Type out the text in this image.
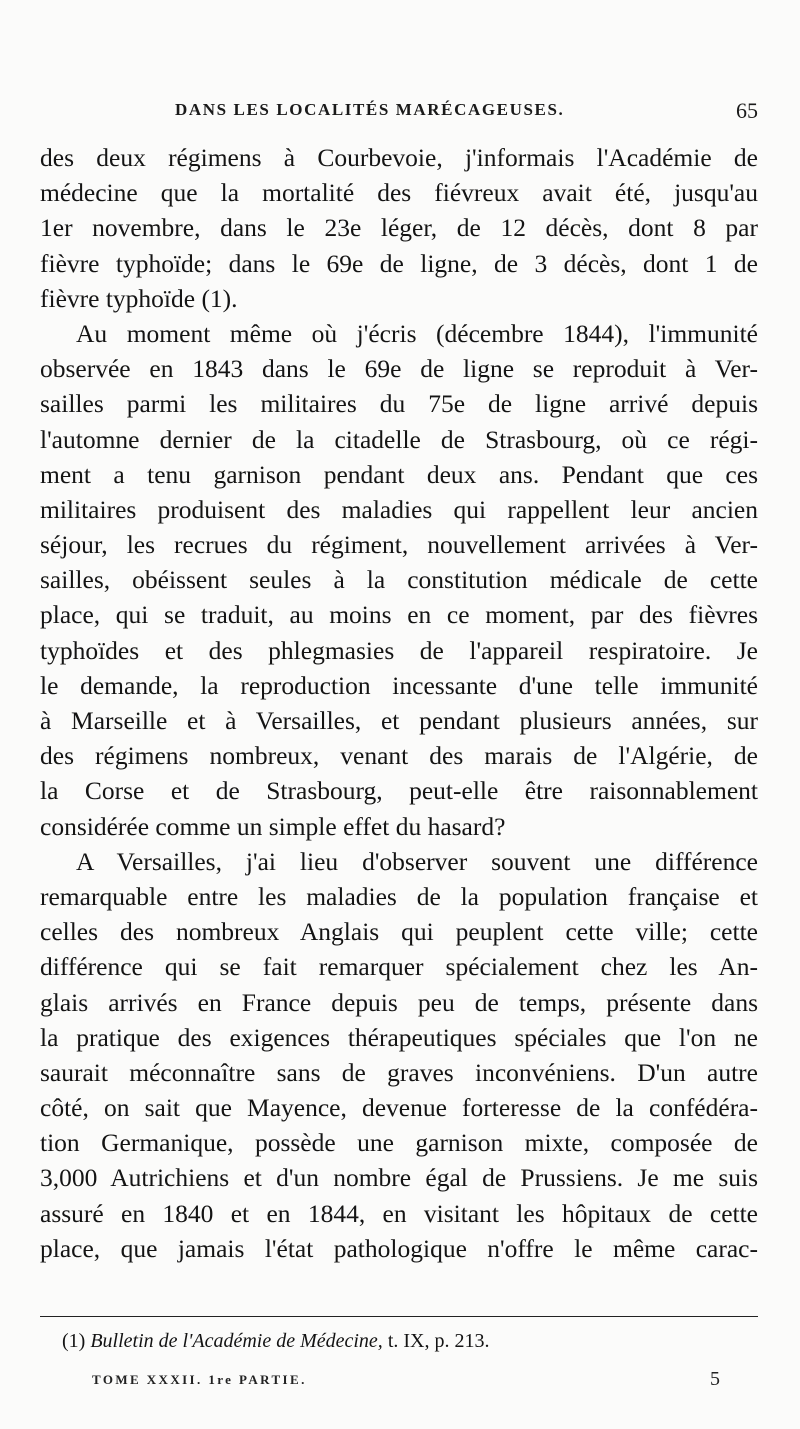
DANS LES LOCALITÉS MARÉCAGEUSES.	65
des deux régimens à Courbevoie, j'informais l'Académie de
médecine que la mortalité des fiévreux avait été, jusqu'au
1er novembre, dans le 23e léger, de 12 décès, dont 8 par
fièvre typhoïde; dans le 69e de ligne, de 3 décès, dont 1 de
fièvre typhoïde (1).
Au moment même où j'écris (décembre 1844), l'immunité
observée en 1843 dans le 69e de ligne se reproduit à Ver-
sailles parmi les militaires du 75e de ligne arrivé depuis
l'automne dernier de la citadelle de Strasbourg, où ce régi-
ment a tenu garnison pendant deux ans. Pendant que ces
militaires produisent des maladies qui rappellent leur ancien
séjour, les recrues du régiment, nouvellement arrivées à Ver-
sailles, obéissent seules à la constitution médicale de cette
place, qui se traduit, au moins en ce moment, par des fièvres
typhoïdes et des phlegmasies de l'appareil respiratoire. Je
le demande, la reproduction incessante d'une telle immunité
à Marseille et à Versailles, et pendant plusieurs années, sur
des régimens nombreux, venant des marais de l'Algérie, de
la Corse et de Strasbourg, peut-elle être raisonnablement
considérée comme un simple effet du hasard?
A Versailles, j'ai lieu d'observer souvent une différence
remarquable entre les maladies de la population française et
celles des nombreux Anglais qui peuplent cette ville; cette
différence qui se fait remarquer spécialement chez les An-
glais arrivés en France depuis peu de temps, présente dans
la pratique des exigences thérapeutiques spéciales que l'on ne
saurait méconnaître sans de graves inconvéniens. D'un autre
côté, on sait que Mayence, devenue forteresse de la confédéra-
tion Germanique, possède une garnison mixte, composée de
3,000 Autrichiens et d'un nombre égal de Prussiens. Je me suis
assuré en 1840 et en 1844, en visitant les hôpitaux de cette
place, que jamais l'état pathologique n'offre le même carac-
(1) Bulletin de l'Académie de Médecine, t. IX, p. 213.
TOME XXXII. 1re PARTIE.	5
